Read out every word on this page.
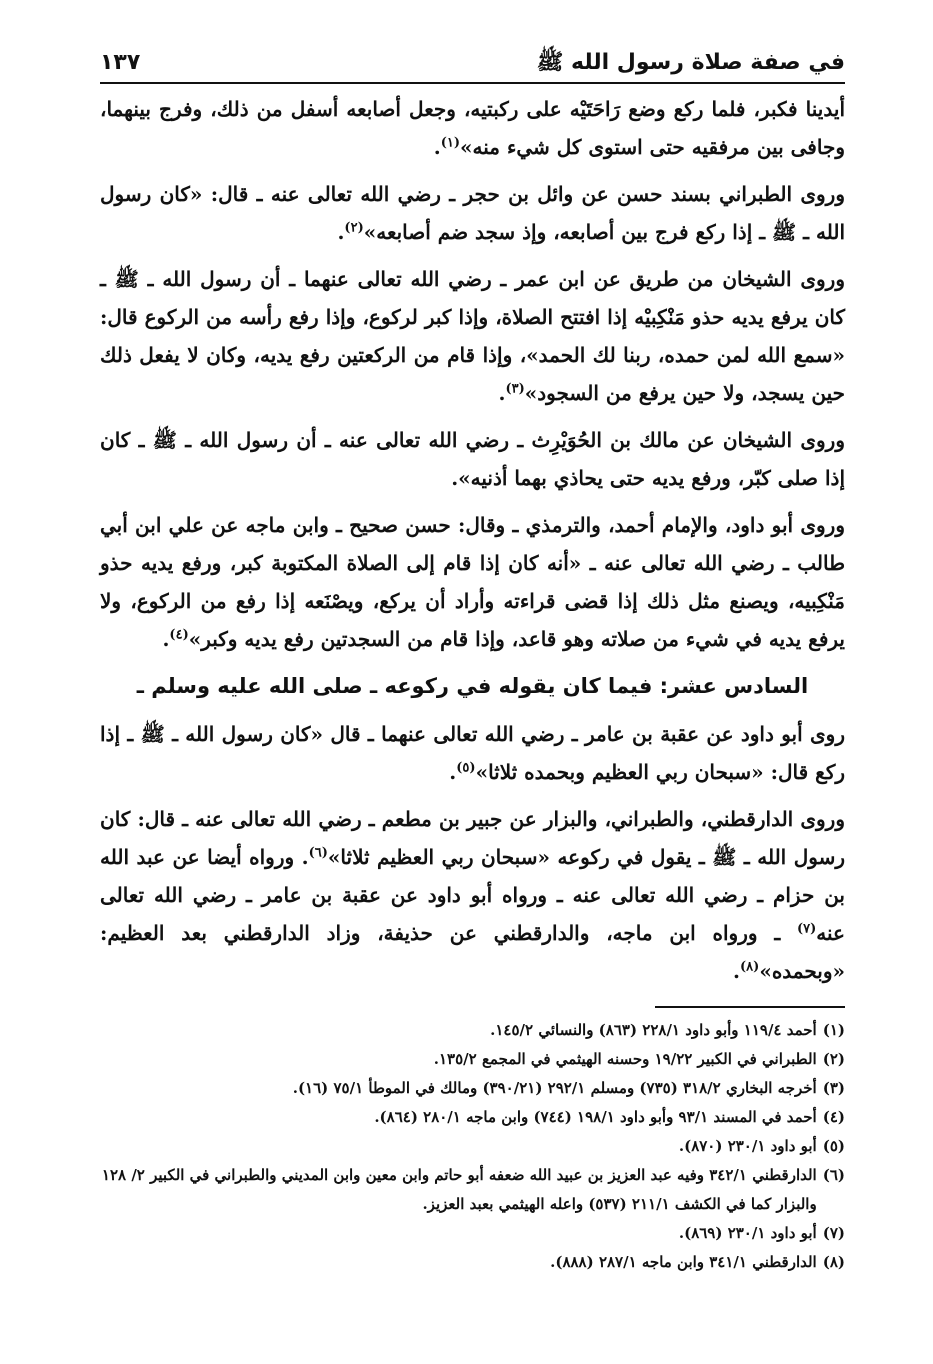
في صفة صلاة رسول الله ﷺ
١٣٧

أيدينا فكبر، فلما ركع وضع رَاحَتَيْه على ركبتيه، وجعل أصابعه أسفل من ذلك، وفرج بينهما، وجافى بين مرفقيه حتى استوى كل شيء منه»$^{(١)}$.

وروى الطبراني بسند حسن عن وائل بن حجر ـ رضي الله تعالى عنه ـ قال: «كان رسول الله ـ ﷺ ـ إذا ركع فرج بين أصابعه، وإذ سجد ضم أصابعه»$^{(٢)}$.

وروى الشيخان من طريق عن ابن عمر ـ رضي الله تعالى عنهما ـ أن رسول الله ـ ﷺ ـ كان يرفع يديه حذو مَنْكِبيْه إذا افتتح الصلاة، وإذا كبر لركوع، وإذا رفع رأسه من الركوع قال: «سمع الله لمن حمده، ربنا لك الحمد»، وإذا قام من الركعتين رفع يديه، وكان لا يفعل ذلك حين يسجد، ولا حين يرفع من السجود»$^{(٣)}$.

وروى الشيخان عن مالك بن الحُوَيْرِث ـ رضي الله تعالى عنه ـ أن رسول الله ـ ﷺ ـ كان إذا صلى كبّر، ورفع يديه حتى يحاذي بهما أذنيه».

وروى أبو داود، والإمام أحمد، والترمذي ـ وقال: حسن صحيح ـ وابن ماجه عن علي ابن أبي طالب ـ رضي الله تعالى عنه ـ «أنه كان إذا قام إلى الصلاة المكتوبة كبر، ورفع يديه حذو مَنْكِبيه، ويصنع مثل ذلك إذا قضى قراءته وأراد أن يركع، ويصْنَعه إذا رفع من الركوع، ولا يرفع يديه في شيء من صلاته وهو قاعد، وإذا قام من السجدتين رفع يديه وكبر»$^{(٤)}$.

السادس عشر: فيما كان يقوله في ركوعه ـ صلى الله عليه وسلم ـ

روى أبو داود عن عقبة بن عامر ـ رضي الله تعالى عنهما ـ قال «كان رسول الله ـ ﷺ ـ إذا ركع قال: «سبحان ربي العظيم وبحمده ثلاثا»$^{(٥)}$.

وروى الدارقطني، والطبراني، والبزار عن جبير بن مطعم ـ رضي الله تعالى عنه ـ قال: كان رسول الله ـ ﷺ ـ يقول في ركوعه «سبحان ربي العظيم ثلاثا»$^{(٦)}$. ورواه أيضا عن عبد الله بن حزام ـ رضي الله تعالى عنه ـ ورواه أبو داود عن عقبة بن عامر ـ رضي الله تعالى عنه$^{(٧)}$ ـ ورواه ابن ماجه، والدارقطني عن حذيفة، وزاد الدارقطني بعد العظيم: «وبحمده»$^{(٨)}$.

(١)
أحمد ١١٩/٤ وأبو داود ٢٢٨/١ (٨٦٣) والنسائي ١٤٥/٢.
(٢)
الطبراني في الكبير ١٩/٢٢ وحسنه الهيثمي في المجمع ١٣٥/٢.
(٣)
أخرجه البخاري ٣١٨/٢ (٧٣٥) ومسلم ٢٩٢/١ (٣٩٠/٢١) ومالك في الموطأ ٧٥/١ (١٦).
(٤)
أحمد في المسند ٩٣/١ وأبو داود ١٩٨/١ (٧٤٤) وابن ماجه ٢٨٠/١ (٨٦٤).
(٥)
أبو داود ٢٣٠/١ (٨٧٠).
(٦)
الدارقطني ٣٤٢/١ وفيه عبد العزيز بن عبيد الله ضعفه أبو حاتم وابن معين وابن المديني والطبراني في الكبير ٢/ ١٢٨ والبزار كما في الكشف ٢١١/١ (٥٣٧) واعله الهيثمي بعبد العزيز.
(٧)
أبو داود ٢٣٠/١ (٨٦٩).
(٨)
الدارقطني ٣٤١/١ وابن ماجه ٢٨٧/١ (٨٨٨).
